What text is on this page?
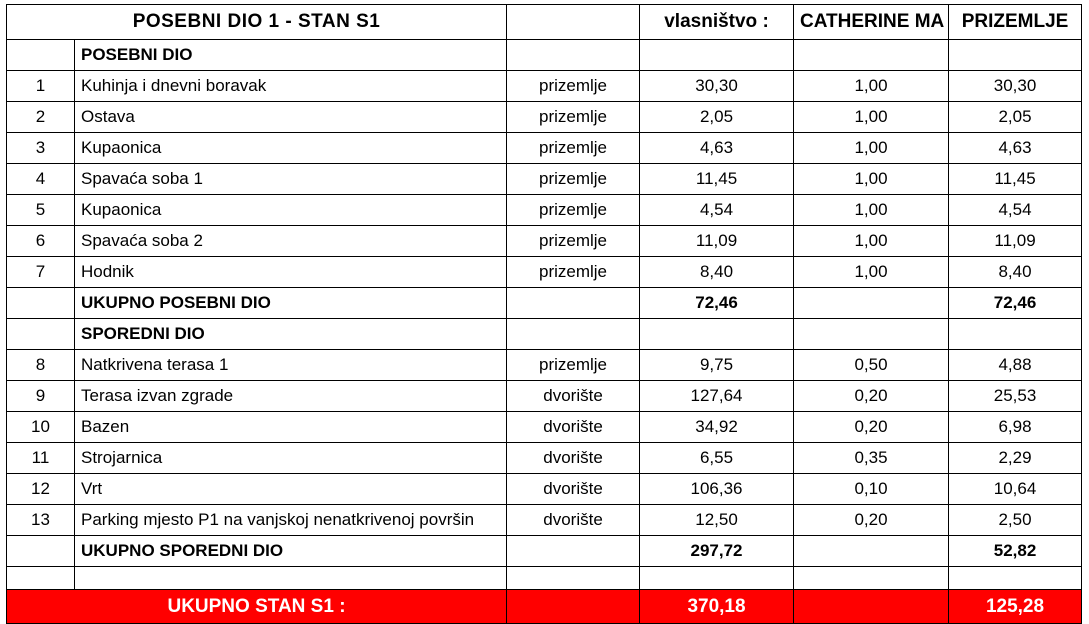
POSEBNI DIO 1 - STAN S1			vlasništvo :	CATHERINE MA	PRIZEMLJE
	POSEBNI DIO				
1	Kuhinja i dnevni boravak	prizemlje	30,30	1,00	30,30
2	Ostava	prizemlje	2,05	1,00	2,05
3	Kupaonica	prizemlje	4,63	1,00	4,63
4	Spavaća soba 1	prizemlje	11,45	1,00	11,45
5	Kupaonica	prizemlje	4,54	1,00	4,54
6	Spavaća soba 2	prizemlje	11,09	1,00	11,09
7	Hodnik	prizemlje	8,40	1,00	8,40
	UKUPNO POSEBNI DIO		72,46		72,46
	SPOREDNI DIO				
8	Natkrivena terasa 1	prizemlje	9,75	0,50	4,88
9	Terasa izvan zgrade	dvorište	127,64	0,20	25,53
10	Bazen	dvorište	34,92	0,20	6,98
11	Strojarnica	dvorište	6,55	0,35	2,29
12	Vrt	dvorište	106,36	0,10	10,64
13	Parking mjesto P1 na vanjskoj nenatkrivenoj površin	dvorište	12,50	0,20	2,50
	UKUPNO SPOREDNI DIO		297,72		52,82

UKUPNO STAN S1 :			370,18		125,28
